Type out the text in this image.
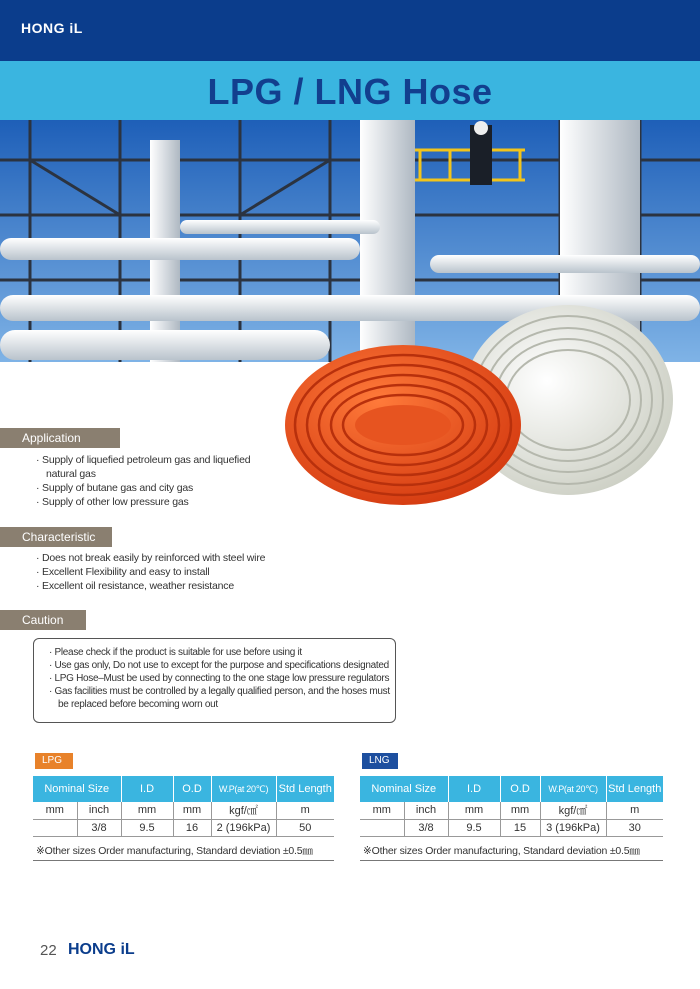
HONG iL
LPG / LNG Hose
Application
· Supply of liquefied petroleum gas and liquefied
natural gas
· Supply of butane gas and city gas
· Supply of other low pressure gas
Characteristic
· Does not break easily by reinforced with steel wire
· Excellent Flexibility and easy to install
· Excellent oil resistance, weather resistance
Caution
· Please check if the product is suitable for use before using it
· Use gas only, Do not use to except for the purpose and specifications designated
· LPG Hose–Must be used by connecting to the one stage low pressure regulators
· Gas facilities must be controlled by a legally qualified person, and the hoses must
be replaced before becoming worn out
LPG
Nominal Size		I.D	O.D	W.P(at 20℃)	Std Length
mm	inch	mm	mm	kgf/㎠	m
	3/8	9.5	16	2 (196kPa)	50
※Other sizes Order manufacturing, Standard deviation ±0.5㎜
LNG
Nominal Size		I.D	O.D	W.P(at 20℃)	Std Length
mm	inch	mm	mm	kgf/㎠	m
	3/8	9.5	15	3 (196kPa)	30
※Other sizes Order manufacturing, Standard deviation ±0.5㎜
22 HONG iL
